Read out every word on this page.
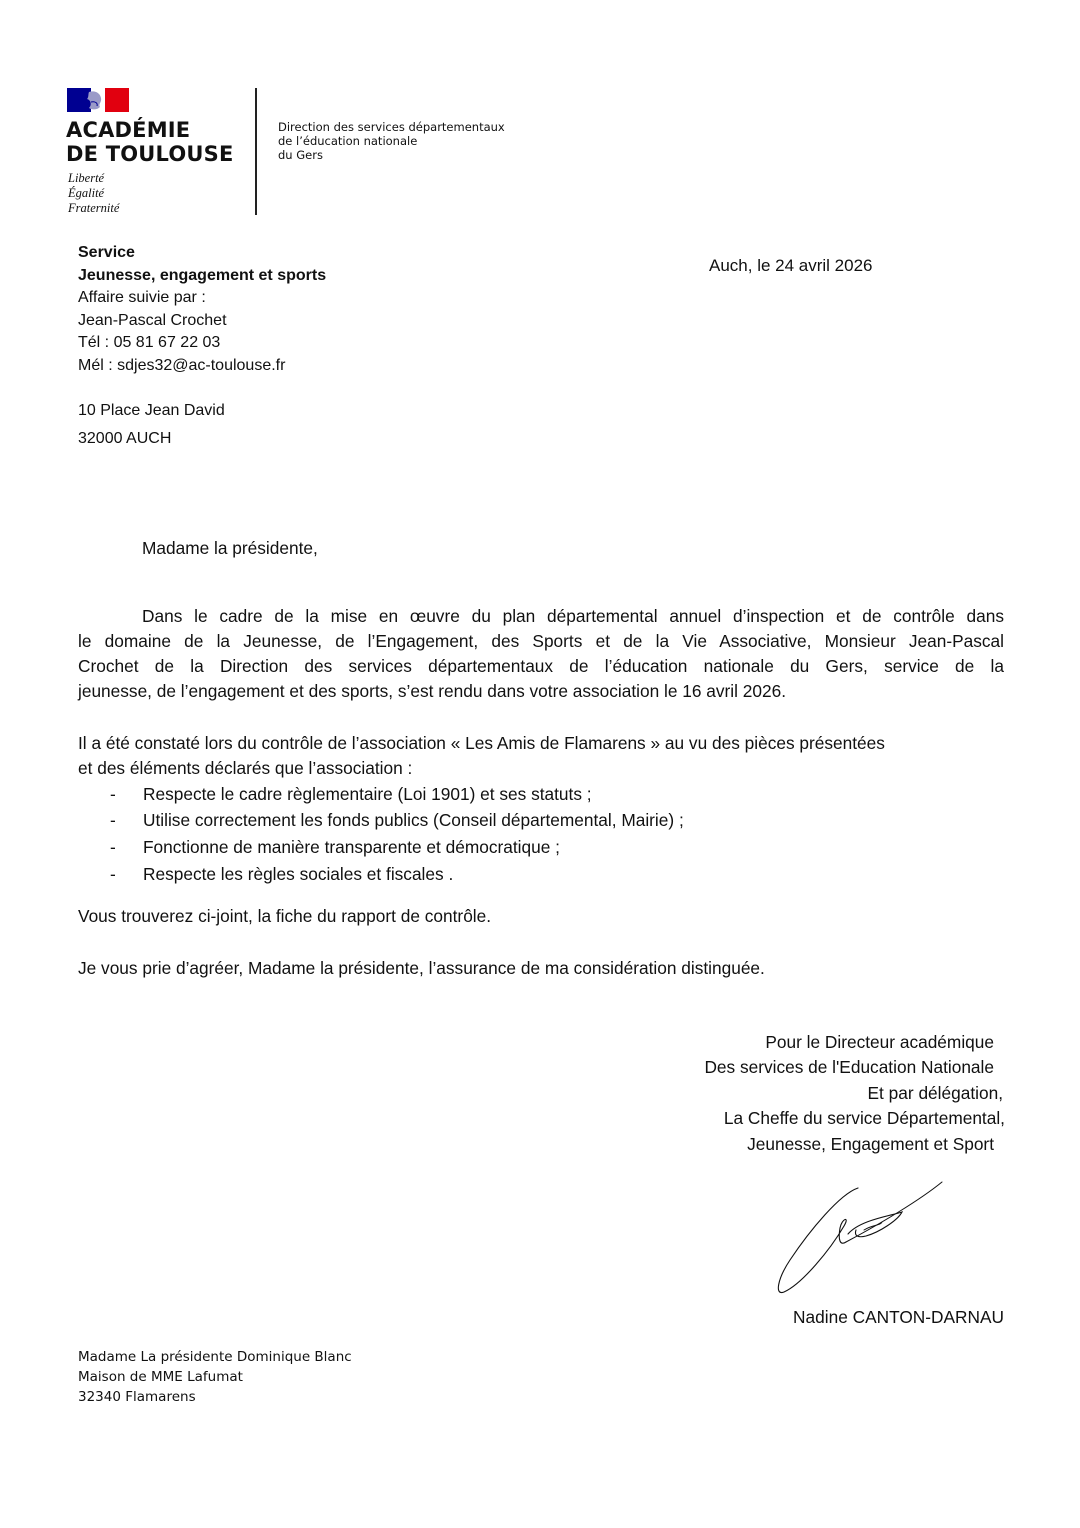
ACADÉMIE
DE TOULOUSE
Liberté
Égalité
Fraternité
Direction des services départementaux
de l’éducation nationale
du Gers
Service
Jeunesse, engagement et sports
Affaire suivie par :
Jean-Pascal Crochet
Tél : 05 81 67 22 03
Mél : sdjes32@ac-toulouse.fr
10 Place Jean David
32000 AUCH
Auch, le 24 avril 2026
Madame la présidente,
Dans le cadre de la mise en œuvre du plan départemental annuel d’inspection et de contrôle dans
le domaine de la Jeunesse, de l’Engagement, des Sports et de la Vie Associative, Monsieur Jean-Pascal
Crochet de la Direction des services départementaux de l’éducation nationale du Gers, service de la
jeunesse, de l’engagement et des sports, s’est rendu dans votre association le 16 avril 2026.
Il a été constaté lors du contrôle de l’association « Les Amis de Flamarens » au vu des pièces présentées
et des éléments déclarés que l’association :
- Respecte le cadre règlementaire (Loi 1901) et ses statuts ;
- Utilise correctement les fonds publics (Conseil départemental, Mairie) ;
- Fonctionne de manière transparente et démocratique ;
- Respecte les règles sociales et fiscales .
Vous trouverez ci-joint, la fiche du rapport de contrôle.
Je vous prie d’agréer, Madame la présidente, l’assurance de ma considération distinguée.
Pour le Directeur académique
Des services de l'Education Nationale
Et par délégation,
La Cheffe du service Départemental,
Jeunesse, Engagement et Sport
Nadine CANTON-DARNAU
Madame La présidente Dominique Blanc
Maison de MME Lafumat
32340 Flamarens
